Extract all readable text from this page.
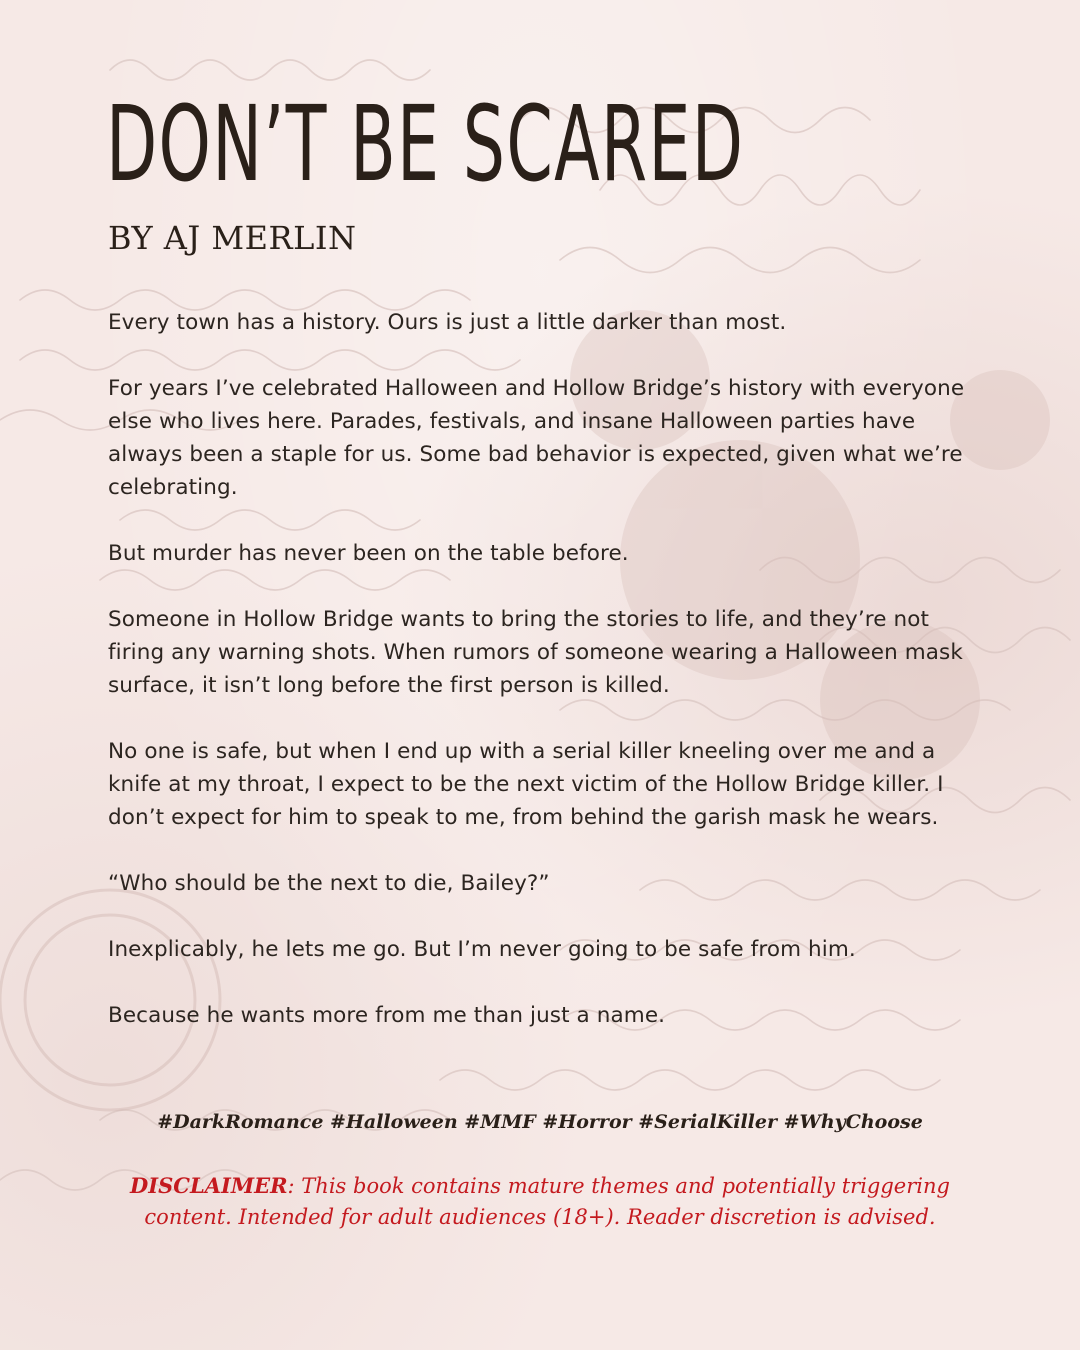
DON’T BE SCARED
BY AJ MERLIN

Every town has a history. Ours is just a little darker than most.

For years I’ve celebrated Halloween and Hollow Bridge’s history with everyone else who lives here. Parades, festivals, and insane Halloween parties have always been a staple for us. Some bad behavior is expected, given what we’re celebrating.

But murder has never been on the table before.

Someone in Hollow Bridge wants to bring the stories to life, and they’re not firing any warning shots. When rumors of someone wearing a Halloween mask surface, it isn’t long before the first person is killed.

No one is safe, but when I end up with a serial killer kneeling over me and a knife at my throat, I expect to be the next victim of the Hollow Bridge killer. I don’t expect for him to speak to me, from behind the garish mask he wears.

“Who should be the next to die, Bailey?”

Inexplicably, he lets me go. But I’m never going to be safe from him.

Because he wants more from me than just a name.

#DarkRomance #Halloween #MMF #Horror #SerialKiller #WhyChoose
DISCLAIMER: This book contains mature themes and potentially triggering content. Intended for adult audiences (18+). Reader discretion is advised.
